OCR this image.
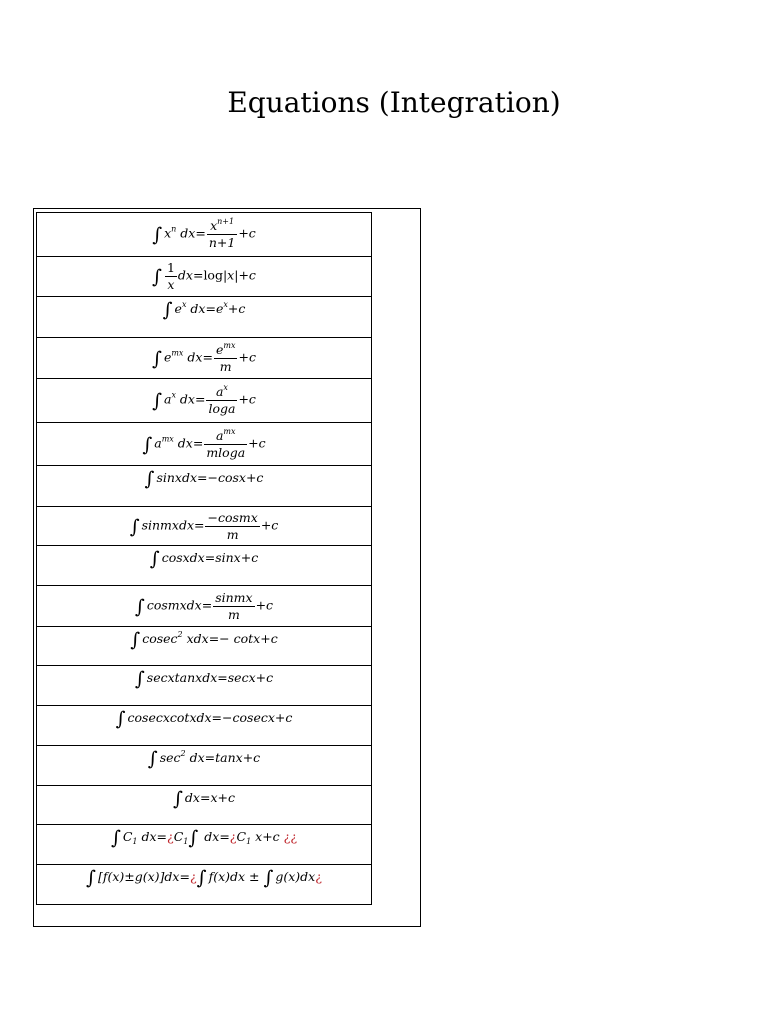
Equations (Integration)
∫ $x^n$ $dx= \frac{x^{n+1}}{n+1} +c$
∫ $\frac{1}{x} dx=\log|x|+c$
∫ $e^x$ $dx=e^x+c$
∫ $e^{mx}$ $dx= \frac{e^{mx}}{m} +c$
∫ $a^x$ $dx= \frac{a^x}{\log a} +c$
∫ $a^{mx}$ $dx= \frac{a^{mx}}{mloga} +c$
∫ sinxdx=−cosx+c
∫ sinmxdx= $\frac{\text{−cosmx}}{m} +c$
∫ cosxdx=sinx+c
∫ cosmxdx= $\frac{\text{sinmx}}{m} +c$
∫ cosec$^2$ xdx=− cotx+c
∫ secxtanxdx=secx+c
∫ cosecxcotxdx=−cosecx+c
∫ $\sec^2 dx=\tan x+c$
∫ dx=x+c
∫ $C_1$ $dx=¿C_1\int$ $dx=¿C_1$ x+c ¿¿
∫ [f(x)±g(x)]dx=¿∫ f(x)dx ± ∫ g(x)dx¿
